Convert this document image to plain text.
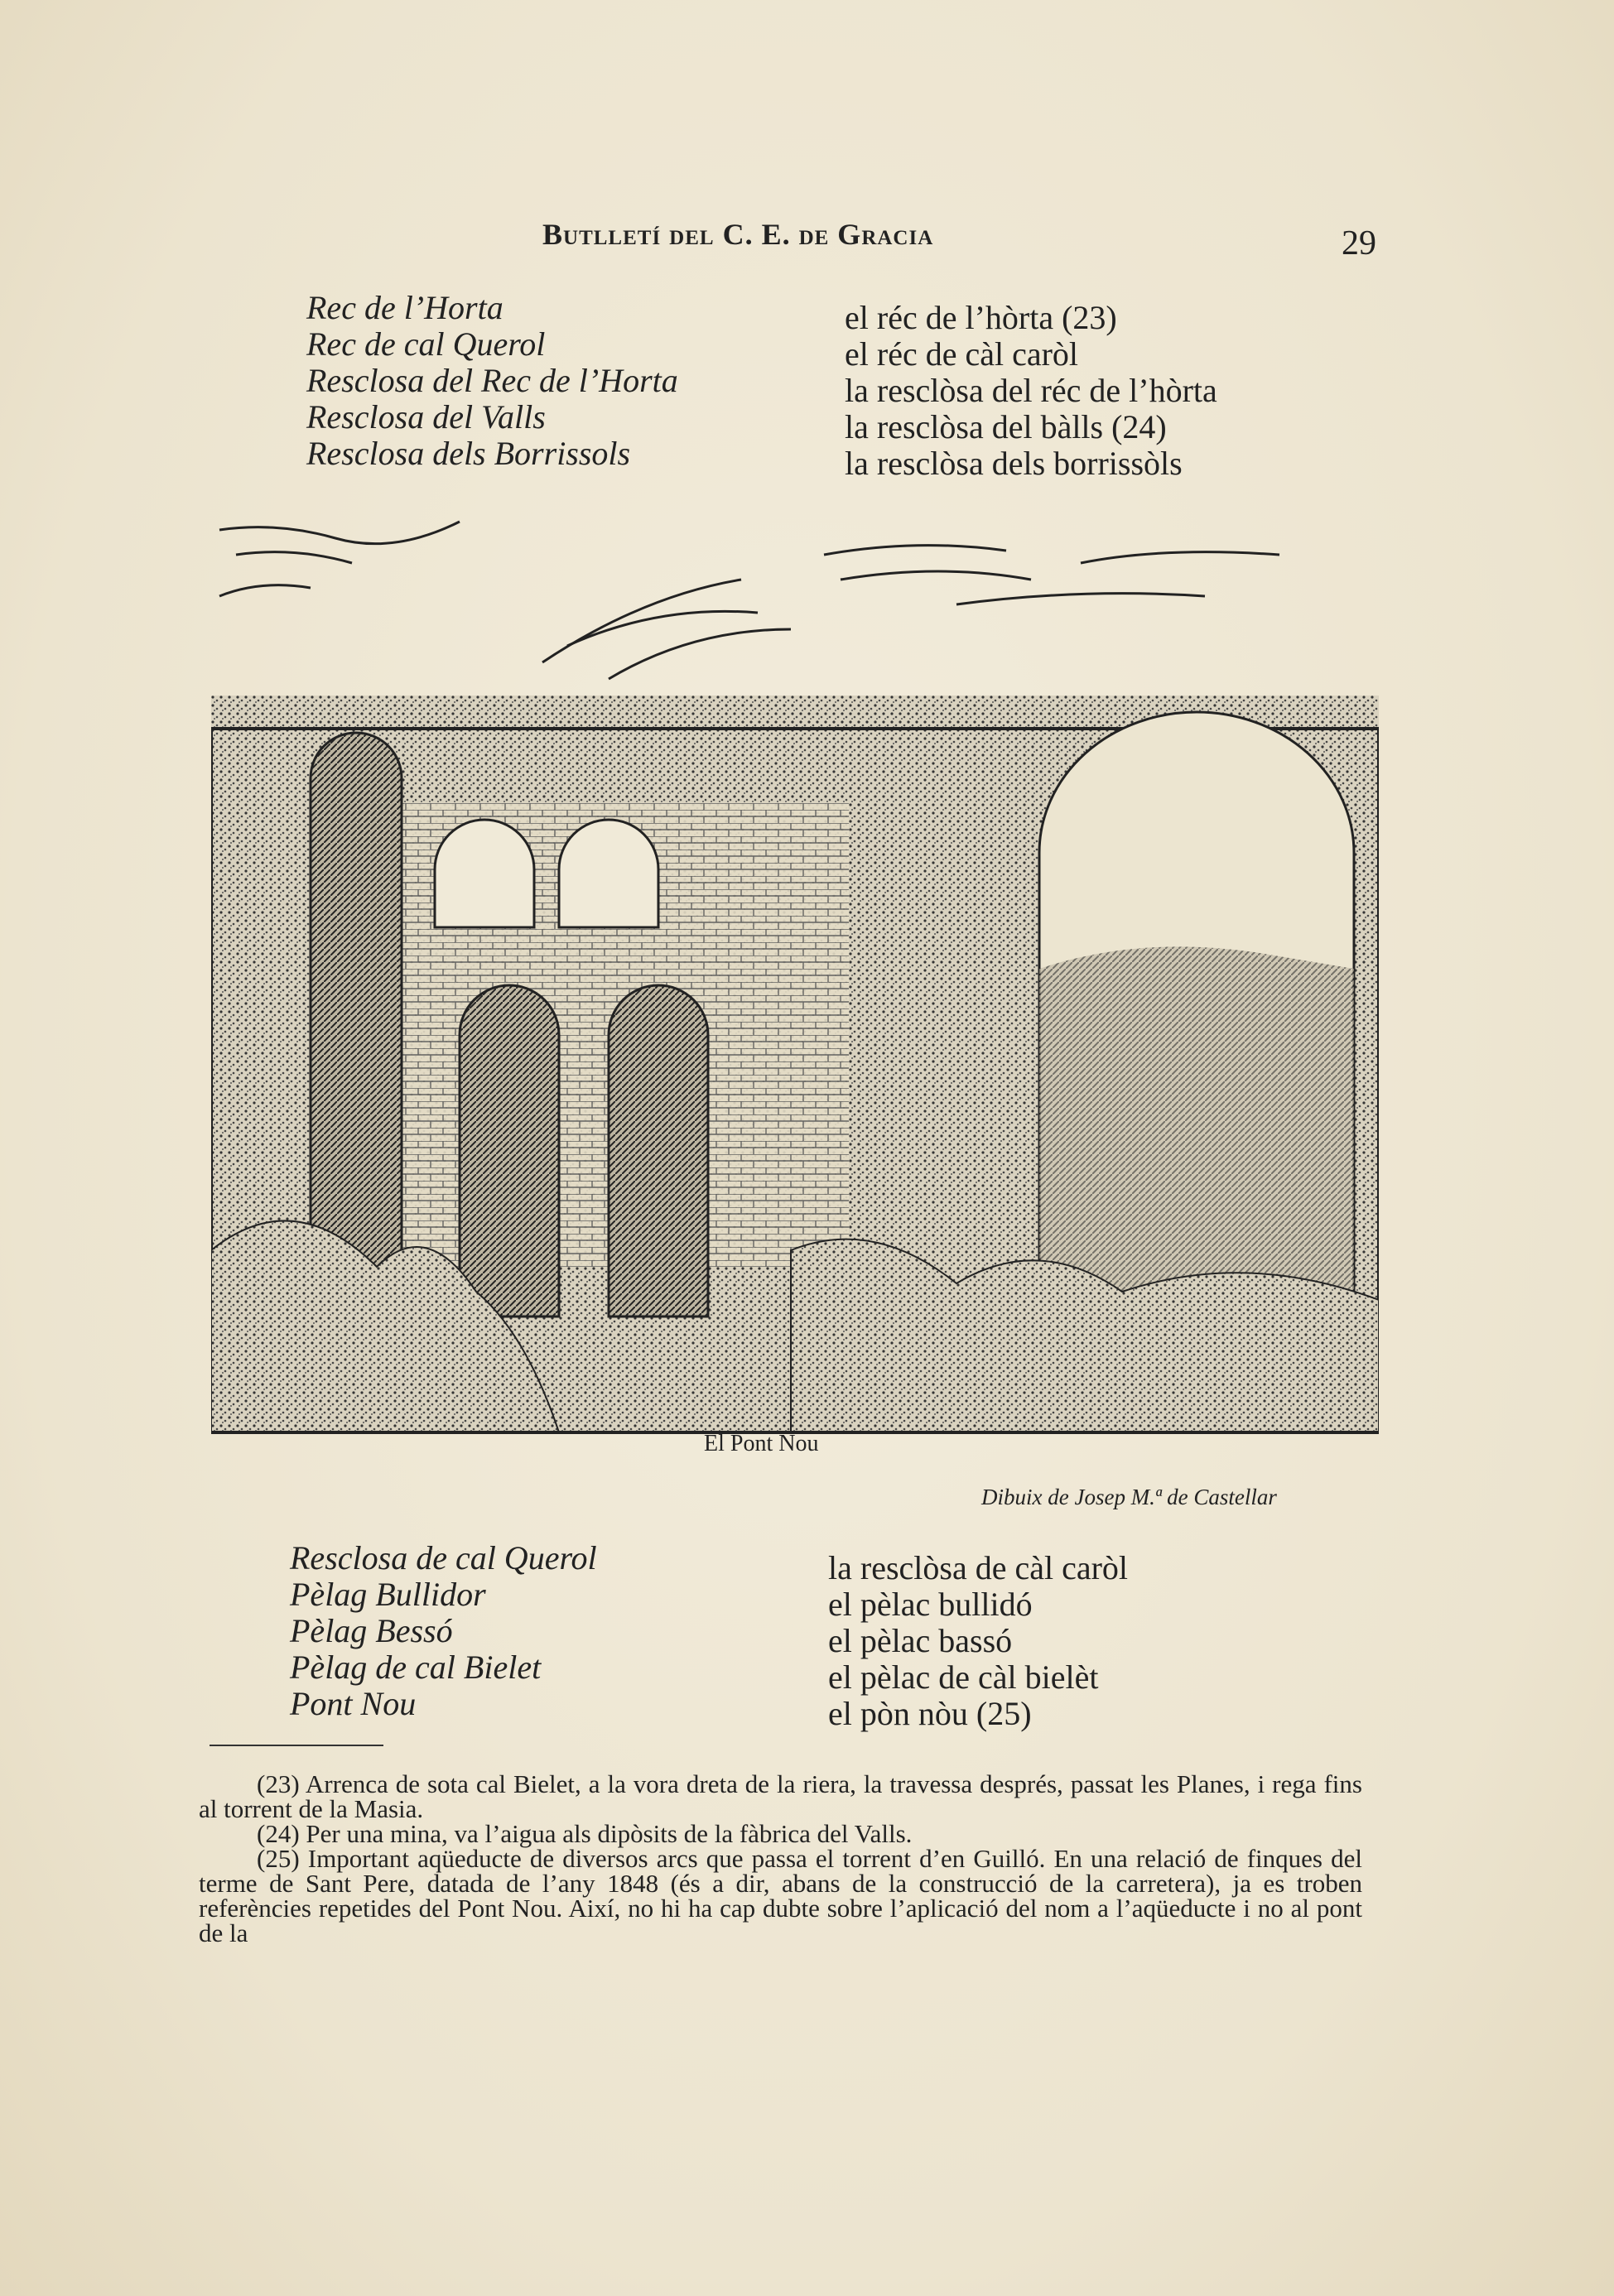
Butlletí del C. E. de Gracia	29
Rec de l’Horta
Rec de cal Querol
Resclosa del Rec de l’Horta
Resclosa del Valls
Resclosa dels Borrissols
el réc de l’hòrta (23)
el réc de càl caròl
la resclòsa del réc de l’hòrta
la resclòsa del bàlls (24)
la resclòsa dels borrissòls
El Pont Nou
Dibuix de Josep M.ª de Castellar
Resclosa de cal Querol
Pèlag Bullidor
Pèlag Bessó
Pèlag de cal Bielet
Pont Nou
la resclòsa de càl caròl
el pèlac bullidó
el pèlac bassó
el pèlac de càl bielèt
el pòn nòu (25)

(23) Arrenca de sota cal Bielet, a la vora dreta de la riera, la travessa després, passat les Planes, i rega fins al torrent de la Masia.

(24) Per una mina, va l’aigua als dipòsits de la fàbrica del Valls.

(25) Important aqüeducte de diversos arcs que passa el torrent d’en Guilló. En una relació de finques del terme de Sant Pere, datada de l’any 1848 (és a dir, abans de la construcció de la carretera), ja es troben referències repetides del Pont Nou. Així, no hi ha cap dubte sobre l’aplicació del nom a l’aqüeducte i no al pont de la
